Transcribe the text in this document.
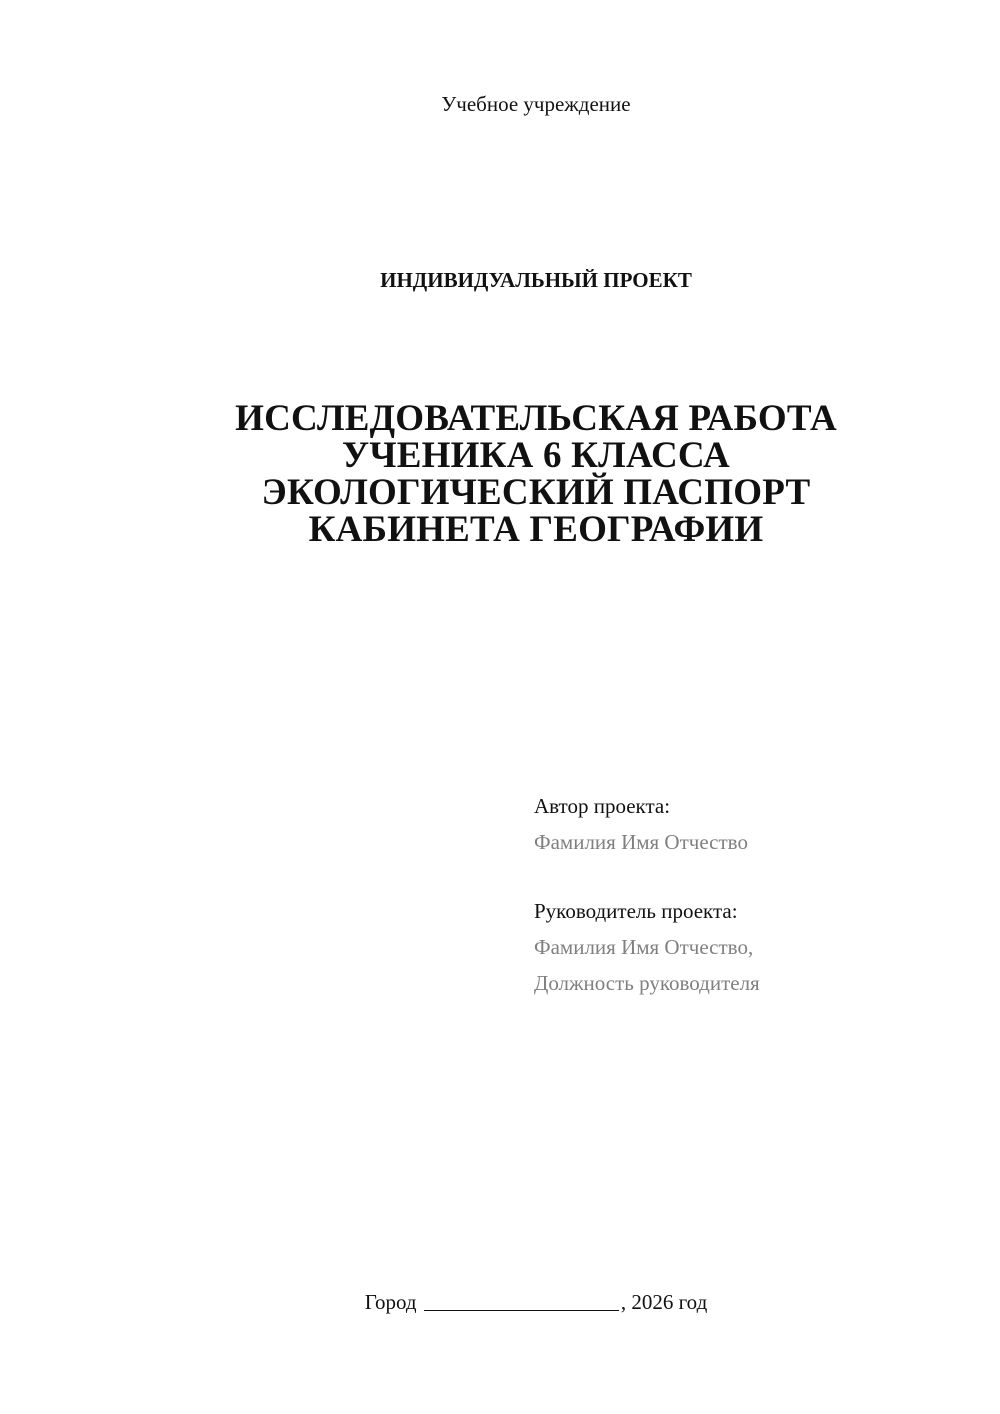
Учебное учреждение
ИНДИВИДУАЛЬНЫЙ ПРОЕКТ
ИССЛЕДОВАТЕЛЬСКАЯ РАБОТА
УЧЕНИКА 6 КЛАССА
ЭКОЛОГИЧЕСКИЙ ПАСПОРТ
КАБИНЕТА ГЕОГРАФИИ
Автор проекта:
Фамилия Имя Отчество
Руководитель проекта:
Фамилия Имя Отчество,
Должность руководителя
Город	, 2026 год
